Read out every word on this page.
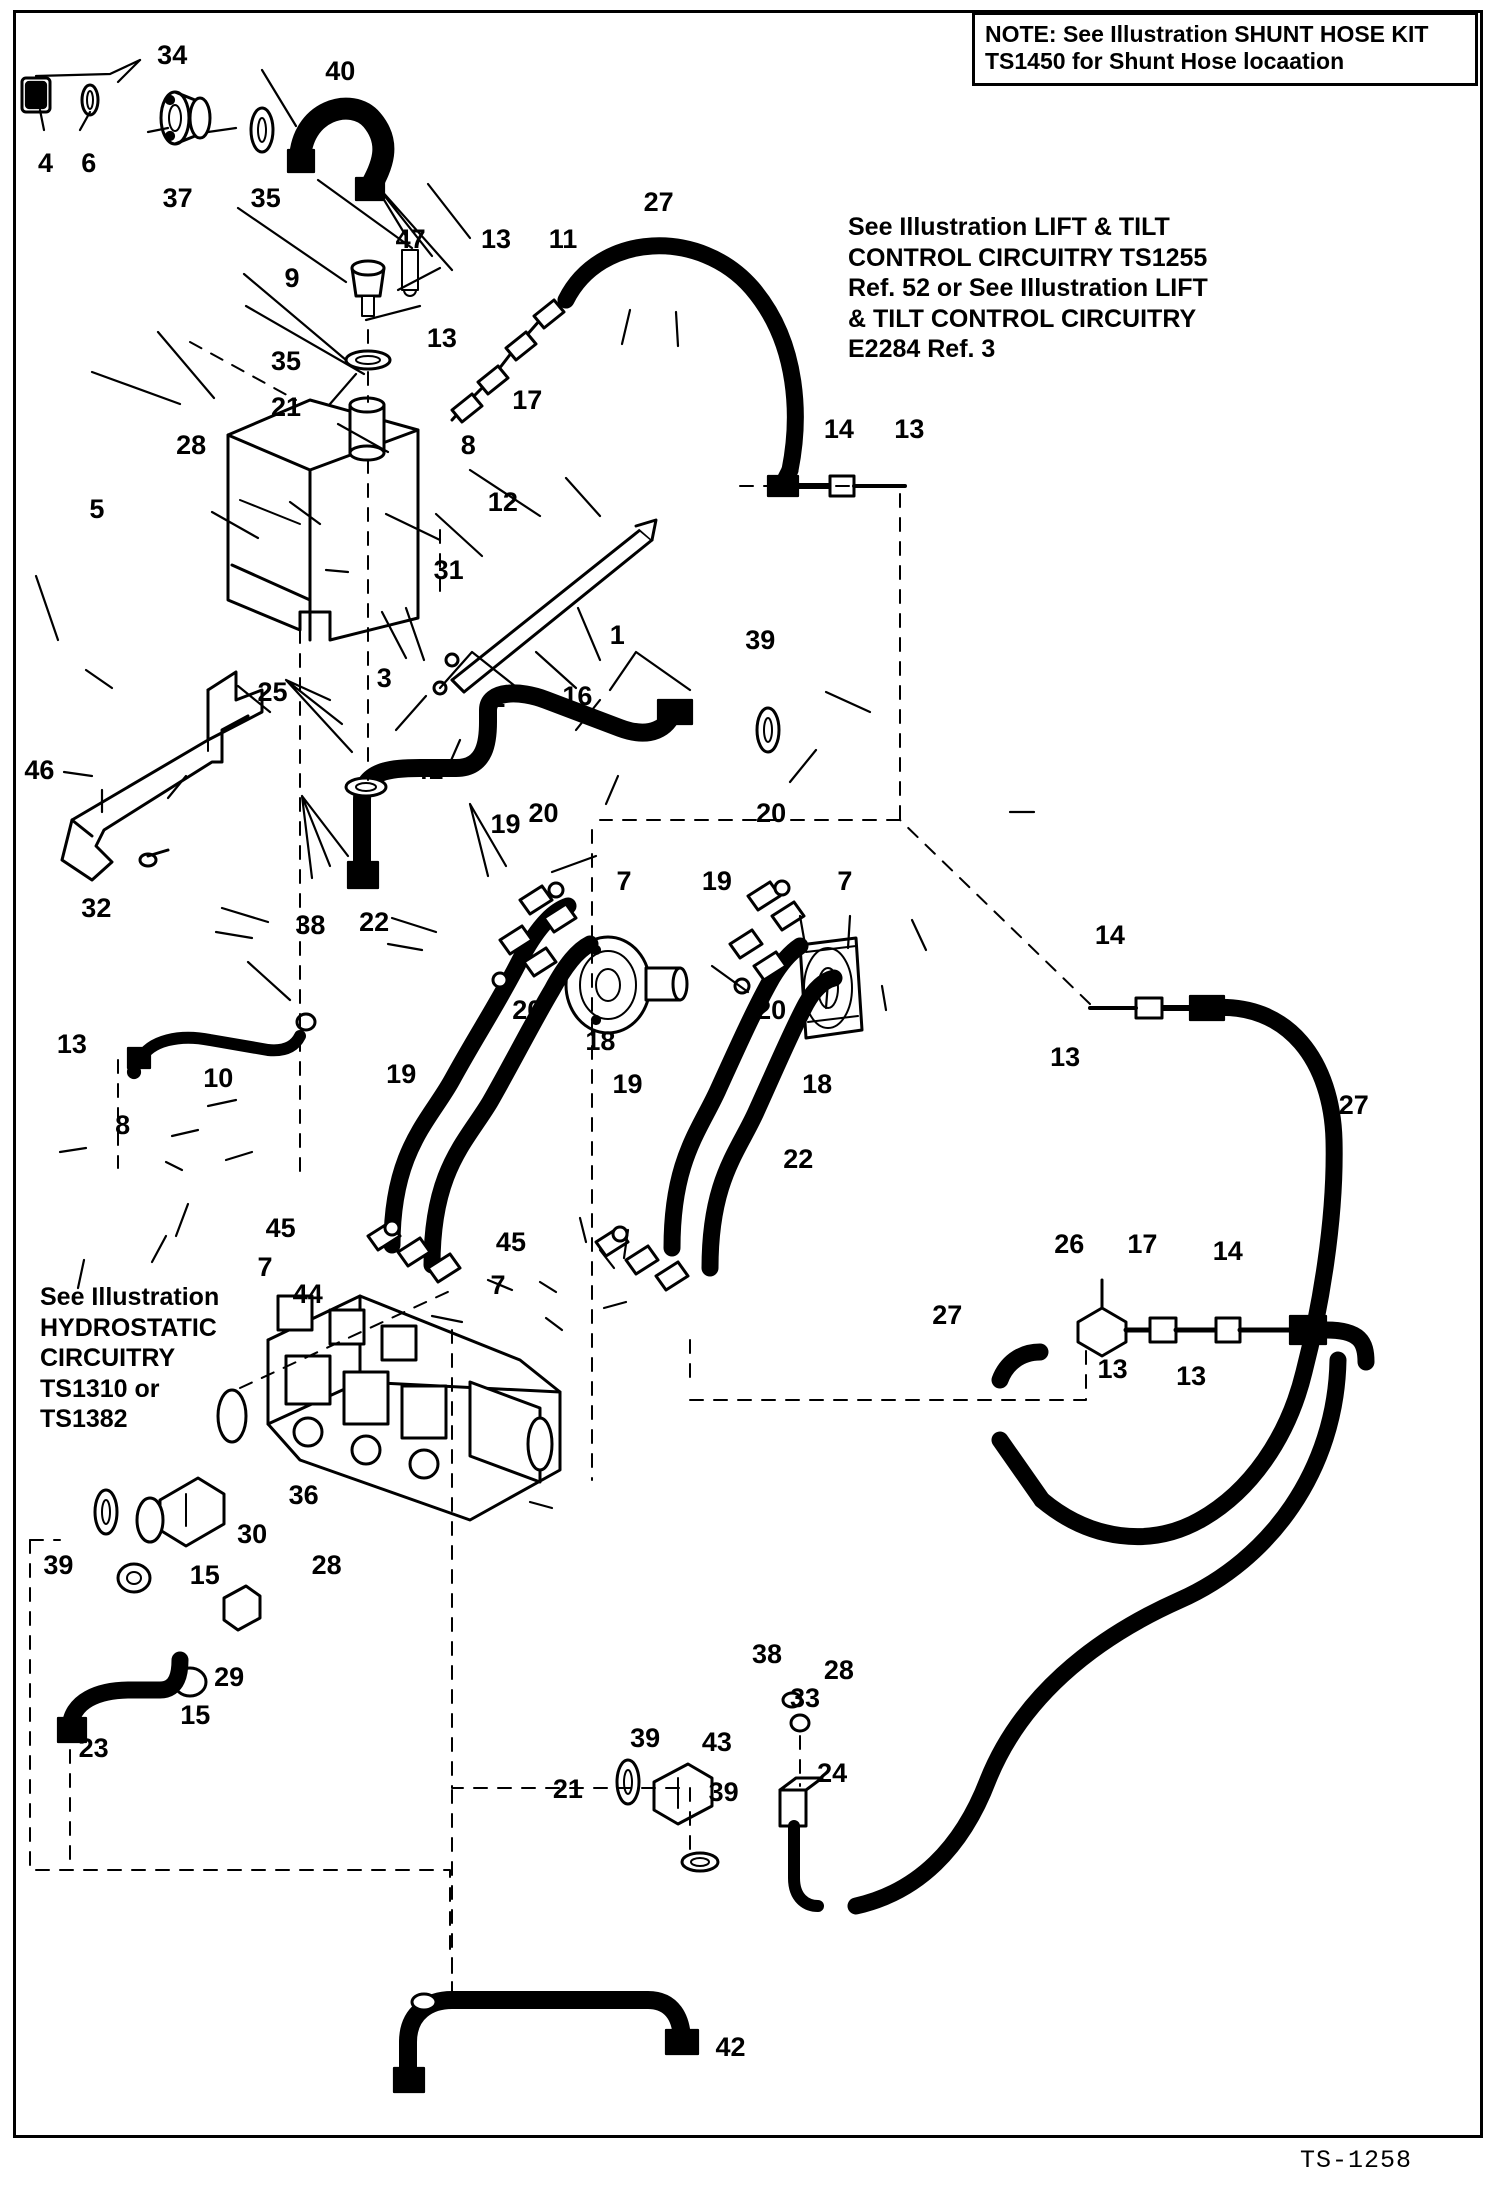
NOTE: See Illustration SHUNT HOSE KIT TS1450 for Shunt Hose locaation
See Illustration LIFT & TILT
CONTROL CIRCUITRY TS1255
Ref. 52 or See Illustration LIFT
& TILT CONTROL CIRCUITRY
E2284 Ref. 3
See Illustration
HYDROSTATIC
CIRCUITRY
TS1310 or
TS1382
TS-1258
34
40
4 6
37 35	27
47 13 11
9
13
17
35
21
8
14 13
28
5	12
31
1	39
25	3
2 16
46	41
19 20	20
32
7	19	7
38 22
20	20
18
18
14
13
10
8
13
27
19	19
22
45
7
45
7
26 17 14
27
13 13
44
36
30
39	15	28
29
15
23
38
28
33
39 43
24
21	39
42
